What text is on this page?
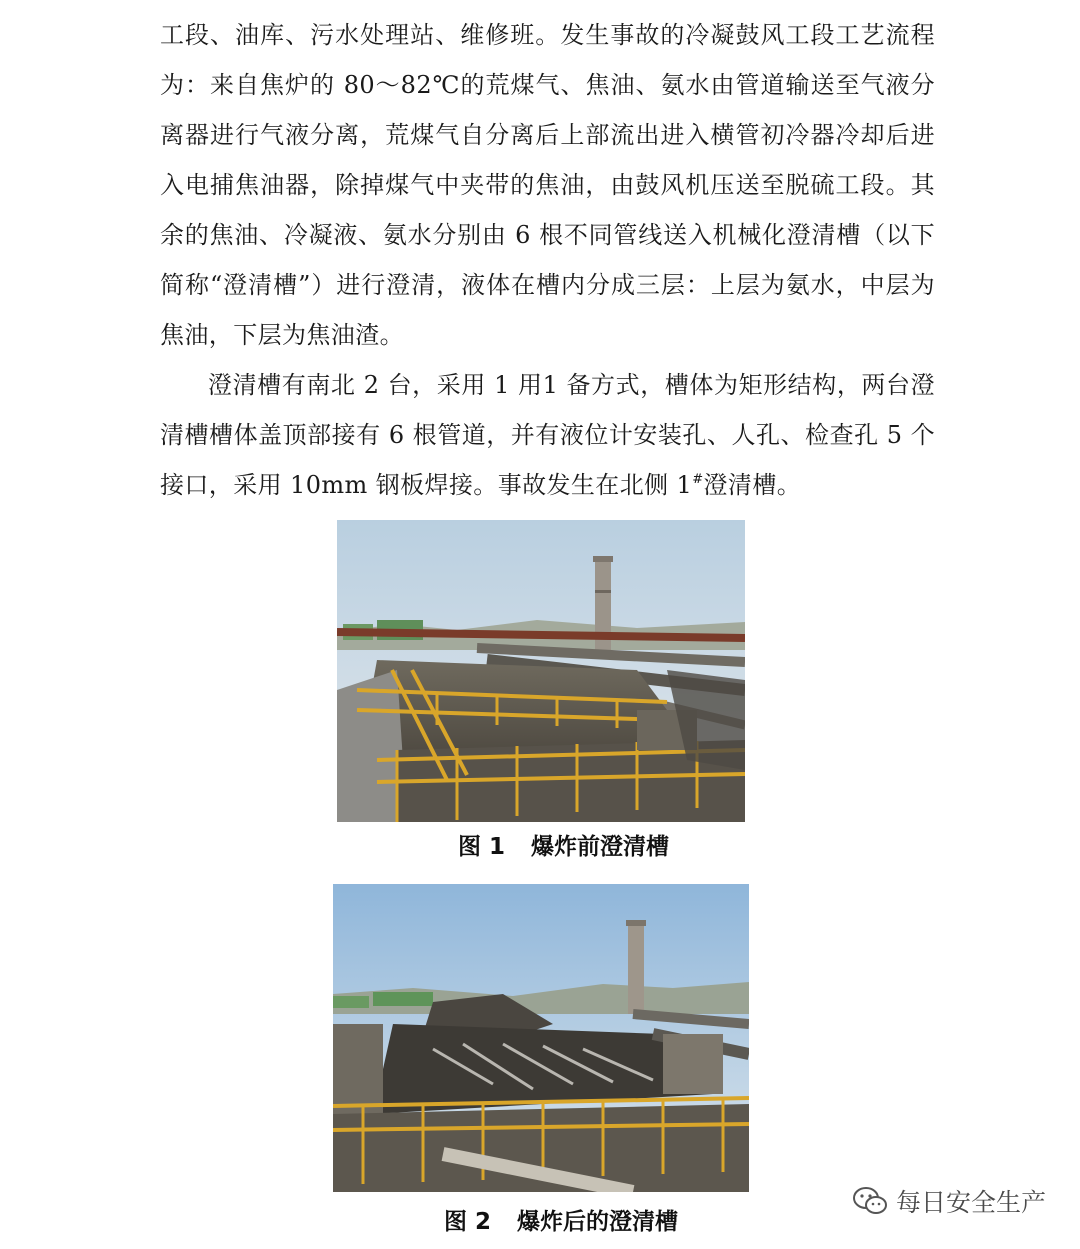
工段、油库、污水处理站、维修班。发生事故的冷凝鼓风工段工艺流程为：来自焦炉的 80～82℃的荒煤气、焦油、氨水由管道输送至气液分离器进行气液分离，荒煤气自分离后上部流出进入横管初冷器冷却后进入电捕焦油器，除掉煤气中夹带的焦油，由鼓风机压送至脱硫工段。其余的焦油、冷凝液、氨水分别由 6 根不同管线送入机械化澄清槽（以下简称“澄清槽”）进行澄清，液体在槽内分成三层：上层为氨水，中层为焦油，下层为焦油渣。

澄清槽有南北 2 台，采用 1 用1 备方式，槽体为矩形结构，两台澄清槽槽体盖顶部接有 6 根管道，并有液位计安装孔、人孔、检查孔 5 个接口，采用 10mm 钢板焊接。事故发生在北侧 1#澄清槽。

图 1 爆炸前澄清槽
图 2 爆炸后的澄清槽
每日安全生产
